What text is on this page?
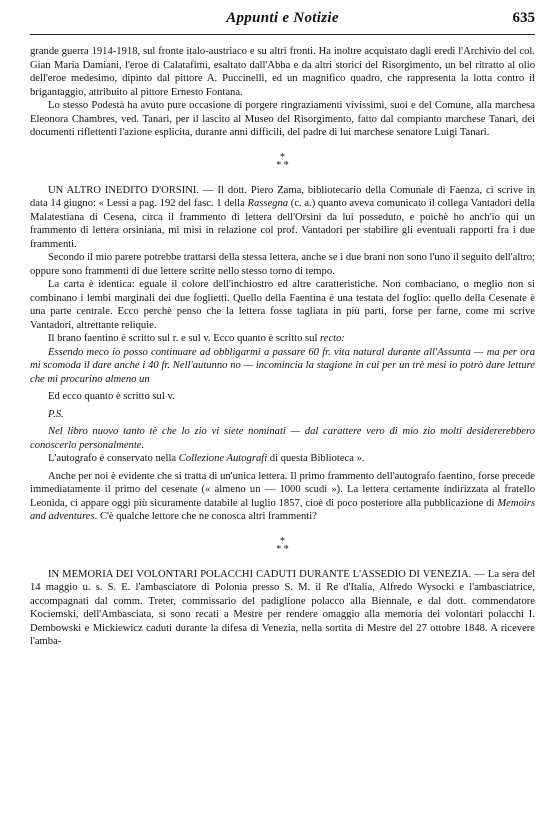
Appunti e Notizie	635

grande guerra 1914-1918, sul fronte italo-austriaco e su altri fronti. Ha inoltre acquistato dagli eredi l'Archivio del col. Gian Maria Damiani, l'eroe di Calatafimi, esaltato dall'Abba e da altri storici del Risorgimento, un bel ritratto al olio dell'eroe medesimo, dipinto dal pittore A. Puccinelli, ed un magnifico quadro, che rappresenta la lotta contro il brigantaggio, attribuito al pittore Ernesto Fontana.

Lo stesso Podestà ha avuto pure occasione di porgere ringraziamenti vivissimi, suoi e del Comune, alla marchesa Eleonora Chambres, ved. Tanari, per il lascito al Museo del Risorgimento, fatto dal compianto marchese Tanari, dei documenti riflettenti l'azione esplicita, durante anni difficili, del padre di lui marchese senatore Luigi Tanari.

*
* *

UN ALTRO INEDITO D'ORSINI. — Il dott. Piero Zama, bibliotecario della Comunale di Faenza, ci scrive in data 14 giugno: « Lessi a pag. 192 del fasc. 1 della Rassegna (c. a.) quanto aveva comunicato il collega Vantadori della Malatestiana di Cesena, circa il frammento di lettera dell'Orsini da lui posseduto, e poichè ho anch'io qui un frammento di lettera orsiniana, mi misi in relazione col prof. Vantadori per stabilire gli eventuali rapporti fra i due frammenti.

Secondo il mio parere potrebbe trattarsi della stessa lettera, anche se i due brani non sono l'uno il seguito dell'altro; oppure sono frammenti di due lettere scritte nello stesso torno di tempo.

La carta è identica: eguale il colore dell'inchiostro ed altre caratteristiche. Non combaciano, o meglio non si combinano i lembi marginali dei due foglietti. Quello della Faentina è una testata del foglio: quello della Cesenate è una parte centrale. Ecco perchè penso che la lettera fosse tagliata in più parti, forse per farne, come mi scrive Vantadori, altrettante reliquie.

Il brano faentino è scritto sul r. e sul v. Ecco quanto è scritto sul recto:

Essendo meco io posso continuare ad obbligarmi a passare 60 fr. vita natural durante all'Assunta — ma per ora mi scomoda il dare anche i 40 fr. Nell'autunno no — incomincia la stagione in cui per un trè mesi io potrò dare letture che mi procurino almeno un

Ed ecco quanto è scritto sul v.

P.S.

Nel libro nuovo tanto tè che lo zio vi siete nominati — dal carattere vero di mio zio molti desidererebbero conoscerlo personalmente.

L'autografo è conservato nella Collezione Autografi di questa Biblioteca ».

Anche per noi è evidente che si tratta di un'unica lettera. Il primo frammento dell'autografo faentino, forse precede immediatamente il primo del cesenate (« almeno un — 1000 scudi »). La lettera certamente indirizzata al fratello Leonida, ci appare oggi più sicuramente databile al luglio 1857, cioè di poco posteriore alla pubblicazione di Memoirs and adventures. C'è qualche lettore che ne conosca altri frammenti?

*
* *

IN MEMORIA DEI VOLONTARI POLACCHI CADUTI DURANTE L'ASSEDIO DI VENEZIA. — La sera del 14 maggio u. s. S. E. l'ambasciatore di Polonia presso S. M. il Re d'Italia, Alfredo Wysocki e l'ambasciatrice, accompagnati dal comm. Treter, commissario del padiglione polacco alla Biennale, e dal dott. commendatore Kociemski, dell'Ambasciata, si sono recati a Mestre per rendere omaggio alla memoria dei volontari polacchi I. Dembowski e Mickiewicz caduti durante la difesa di Venezia, nella sortita di Mestre del 27 ottobre 1848. A ricevere l'amba-
